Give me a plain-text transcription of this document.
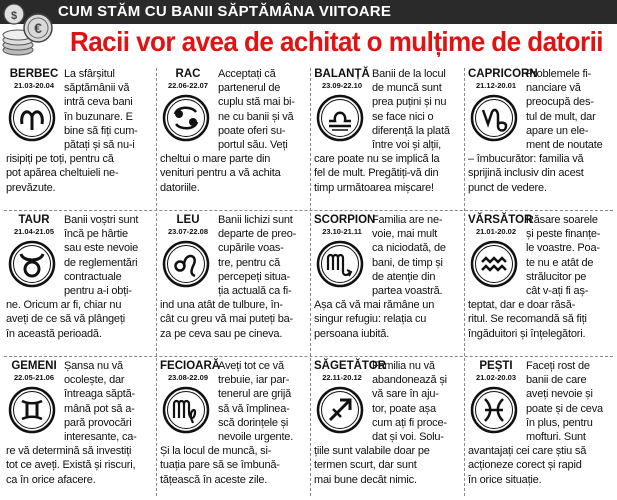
CUM STĂM CU BANII SĂPTĂMÂNA VIITOARE
€
$
Racii vor avea de achitat o mulțime de datorii
BERBEC
21.03-20.04
La sfârșitul
săptămânii vă
intră ceva bani
în buzunare. E
bine să fiți cum-
pătați și să nu-i
risipiți pe toți, pentru că
pot apărea cheltuieli ne-
prevăzute.
RAC
22.06-22.07
Acceptați că
partenerul de
cuplu stă mai bi-
ne cu banii și vă
poate oferi su-
portul său. Veți
cheltui o mare parte din
venituri pentru a vă achita
datoriile.
BALANȚĂ
23.09-22.10
Banii de la locul
de muncă sunt
prea puțini și nu
se face nici o
diferență la plată
între voi și alții,
care poate nu se implică la
fel de mult. Pregătiți-vă din
timp următoarea mișcare!
CAPRICORN
21.12-20.01
Problemele fi-
nanciare vă
preocupă des-
tul de mult, dar
apare un ele-
ment de noutate
– îmbucurător: familia vă
sprijină inclusiv din acest
punct de vedere.
TAUR
21.04-21.05
Banii voștri sunt
încă pe hârtie
sau este nevoie
de reglementări
contractuale
pentru a-i obți-
ne. Oricum ar fi, chiar nu
aveți de ce să vă plângeți
în această perioadă.
LEU
23.07-22.08
Banii lichizi sunt
departe de preo-
cupările voas-
tre, pentru că
percepeți situa-
ția actuală ca fi-
ind una atât de tulbure, în-
cât cu greu vă mai puteți ba-
za pe ceva sau pe cineva.
SCORPION
23.10-21.11
Familia are ne-
voie, mai mult
ca niciodată, de
bani, de timp și
de atenție din
partea voastră.
Așa că vă mai rămâne un
singur refugiu: relația cu
persoana iubită.
VĂRSĂTOR
21.01-20.02
Răsare soarele
și peste finanțe-
le voastre. Poa-
te nu e atât de
strălucitor pe
cât v-ați fi aș-
teptat, dar e doar răsă-
ritul. Se recomandă să fiți
îngăduitori și înțelegători.
GEMENI
22.05-21.06
Șansa nu vă
ocolește, dar
întreaga săptă-
mână pot să a-
pară provocări
interesante, ca-
re vă determină să investiți
tot ce aveți. Există și riscuri,
ca în orice afacere.
FECIOARĂ
23.08-22.09
Aveți tot ce vă
trebuie, iar par-
tenerul are grijă
să vă împlinea-
scă dorințele și
nevoile urgente.
Și la locul de muncă, si-
tuația pare să se îmbună-
tățească în aceste zile.
SĂGETĂTOR
22.11-20.12
Familia nu vă
abandonează și
vă sare în aju-
tor, poate așa
cum ați fi proce-
dat și voi. Solu-
țiile sunt valabile doar pe
termen scurt, dar sunt
mai bune decât nimic.
PEȘTI
21.02-20.03
Faceți rost de
banii de care
aveți nevoie și
poate și de ceva
în plus, pentru
mofturi. Sunt
avantajați cei care știu să
acționeze corect și rapid
în orice situație.
